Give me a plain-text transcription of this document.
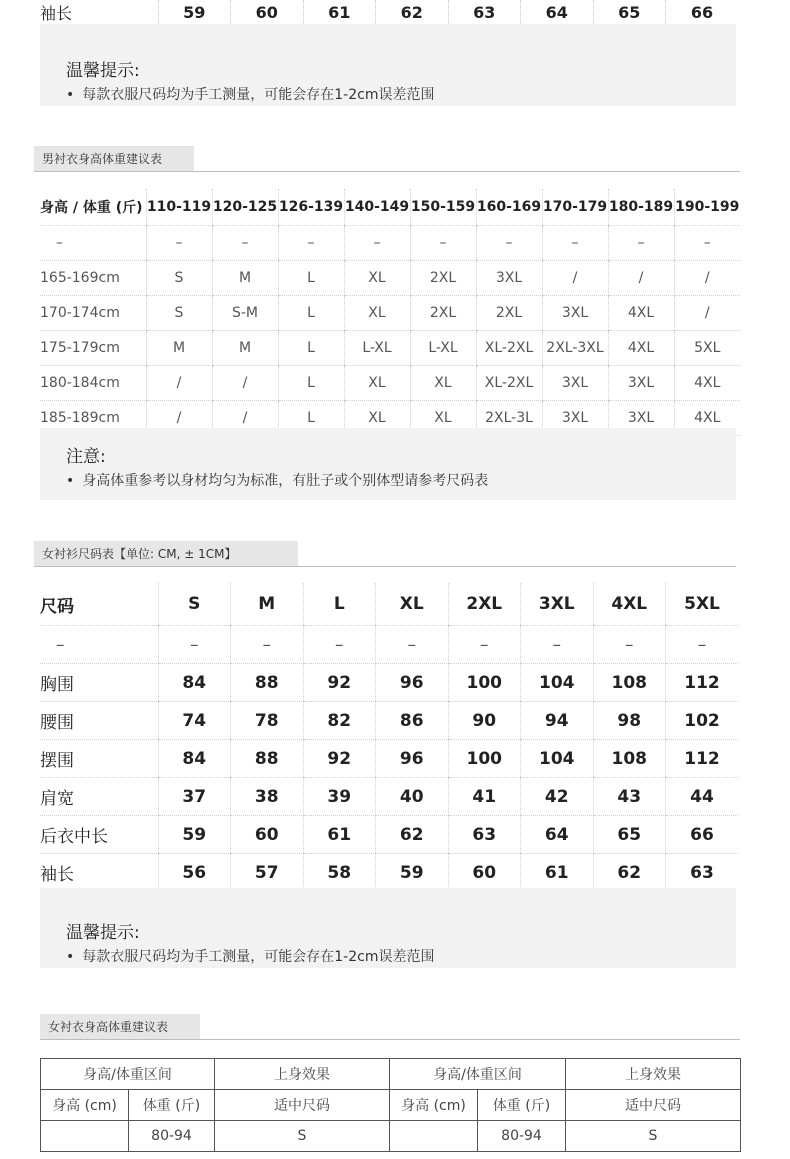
袖长	59	60	61	62	63	64	65	66
温馨提示:
• 每款衣服尺码均为手工测量，可能会存在1-2cm误差范围
男衬衣身高体重建议表
身高 / 体重 (斤)	110-119	120-125	126-139	140-149	150-159	160-169	170-179	180-189	190-199
–	–	–	–	–	–	–	–	–	–
165-169cm	S	M	L	XL	2XL	3XL	/	/	/
170-174cm	S	S-M	L	XL	2XL	2XL	3XL	4XL	/
175-179cm	M	M	L	L-XL	L-XL	XL-2XL	2XL-3XL	4XL	5XL
180-184cm	/	/	L	XL	XL	XL-2XL	3XL	3XL	4XL
185-189cm	/	/	L	XL	XL	2XL-3L	3XL	3XL	4XL
注意:
• 身高体重参考以身材均匀为标准，有肚子或个别体型请参考尺码表
女衬衫尺码表【单位: CM, ± 1CM】
尺码	S	M	L	XL	2XL	3XL	4XL	5XL
–	–	–	–	–	–	–	–	–
胸围	84	88	92	96	100	104	108	112
腰围	74	78	82	86	90	94	98	102
摆围	84	88	92	96	100	104	108	112
肩宽	37	38	39	40	41	42	43	44
后衣中长	59	60	61	62	63	64	65	66
袖长	56	57	58	59	60	61	62	63
温馨提示:
• 每款衣服尺码均为手工测量，可能会存在1-2cm误差范围
女衬衣身高体重建议表
身高/体重区间		上身效果	身高/体重区间		上身效果
身高 (cm)	体重 (斤)	适中尺码	身高 (cm)	体重 (斤)	适中尺码
	80-94	S		80-94	S
